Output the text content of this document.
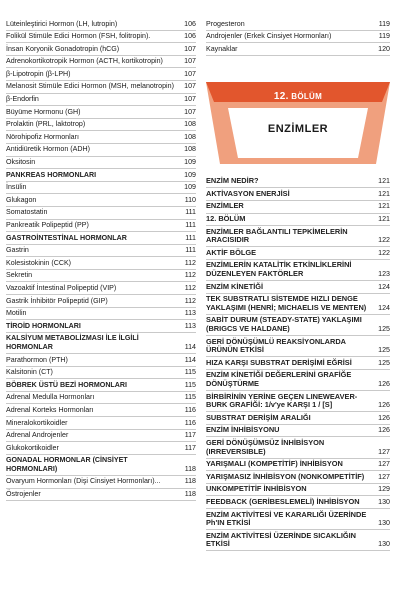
Lüteinleştirici Hormon (LH, lutropin)	106
Folikül Stimüle Edici Hormon (FSH, folitropin).	106
İnsan Koryonik Gonadotropin (hCG)	107
Adrenokortikotropik Hormon (ACTH, kortikotropin)	107
β-Lipotropin (β-LPH)	107
Melanosit Stimüle Edici Hormon (MSH, melanotropin) 107
β-Endorfin	107
Büyüme Hormonu (GH)	107
Prolaktin (PRL, laktotrop)	108
Nörohipofiz Hormonları	108
Antidiüretik Hormon (ADH)	108
Oksitosin	109
PANKREAS HORMONLARI	109
İnsülin	109
Glukagon	110
Somatostatin	111
Pankreatik Polipeptid (PP)	111
GASTROİNTESTİNAL HORMONLAR	111
Gastrin	111
Kolesistokinin (CCK)	112
Sekretin	112
Vazoaktif İntestinal Polipeptid (VIP)	112
Gastrik İnhibitör Polipeptid (GIP)	112
Motilin	113
TİROİD HORMONLARI	113
KALSİYUM METABOLİZMASI İLE İLGİLİ HORMONLAR	114
Parathormon (PTH)	114
Kalsitonin (CT)	115
BÖBREK ÜSTÜ BEZİ HORMONLARI	115
Adrenal Medulla Hormonları	115
Adrenal Korteks Hormonları	116
Mineralokortikoidler	116
Adrenal Androjenler	117
Glukokortikoidler	117
GONADAL HORMONLAR (CİNSİYET HORMONLARI)	118
Ovaryum Hormonları (Dişi Cinsiyet Hormonları)...	118
Östrojenler	118
Progesteron	119
Androjenler (Erkek Cinsiyet Hormonları)	119
Kaynaklar	120
12. BÖLÜM
ENZİMLER
ENZİM NEDİR?	121
AKTİVASYON ENERJİSİ	121
ENZİMLER	121
12. BÖLÜM	121
ENZİMLER BAĞLANTILI TEPKİMELERİN ARACISIDIR	122
AKTİF BÖLGE	122
ENZİMLERİN KATALİTİK ETKİNLİKLERİNİ DÜZENLEYEN FAKTÖRLER	123
ENZİM KİNETİĞİ	124
TEK SUBSTRATLI SİSTEMDE HIZLI DENGE YAKLAŞIMI (HENRİ; MICHAELIS VE MENTEN) 124
SABİT DURUM (STEADY-STATE) YAKLAŞIMI (BRIGCS VE HALDANE)	125
GERİ DÖNÜŞÜMLÜ REAKSİYONLARDA ÜRÜNÜN ETKİSİ	125
HIZA KARŞI SUBSTRAT DERİŞİMİ EĞRİSİ	125
ENZİM KİNETİĞİ DEĞERLERİNİ GRAFİĞE DÖNÜŞTÜRME	126
BİRBİRİNİN YERİNE GEÇEN LINEWEAVER-BURK GRAFİĞİ: 1/v'ye KARŞI 1 / [S]	126
SUBSTRAT DERİŞİM ARALIĞI	126
ENZİM İNHİBİSYONU	126
GERİ DÖNÜŞÜMSÜZ İNHİBİSYON (IRREVERSIBLE)	127
YARIŞMALI (KOMPETİTİF) İNHİBİSYON	127
YARIŞMASIZ İNHİBİSYON (NONKOMPETİTİF) 127
UNKOMPETİTİF İNHİBİSYON	129
FEEDBACK (GERİBESLEMELİ) İNHİBİSYON	130
ENZİM AKTİVİTESİ VE KARARLIĞI ÜZERİNDE Ph'IN ETKİSİ	130
ENZİM AKTİVİTESİ ÜZERİNDE SICAKLIĞIN ETKİSİ	130
